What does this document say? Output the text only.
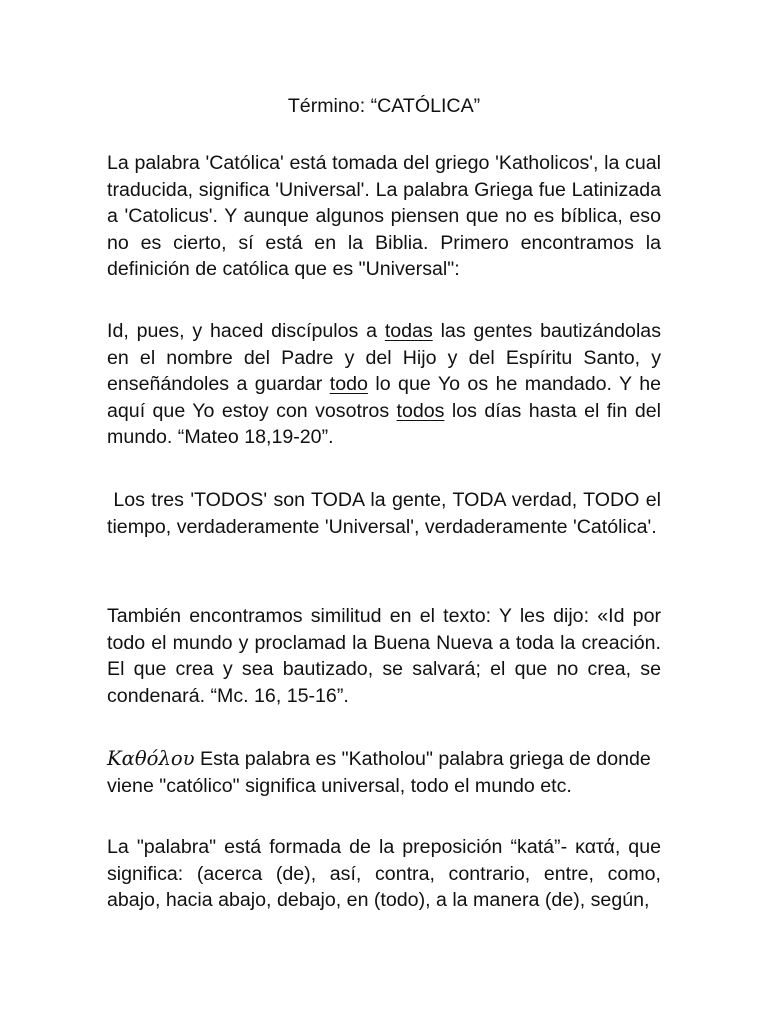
Término: “CATÓLICA”

La palabra 'Católica' está tomada del griego 'Katholicos', la cual traducida, significa 'Universal'. La palabra Griega fue Latinizada a 'Catolicus'. Y aunque algunos piensen que no es bíblica, eso no es cierto, sí está en la Biblia. Primero encontramos la definición de católica que es "Universal":

Id, pues, y haced discípulos a todas las gentes bautizándolas en el nombre del Padre y del Hijo y del Espíritu Santo, y enseñándoles a guardar todo lo que Yo os he mandado. Y he aquí que Yo estoy con vosotros todos los días hasta el fin del mundo. “Mateo 18,19-20”.

Los tres 'TODOS' son TODA la gente, TODA verdad, TODO el tiempo, verdaderamente 'Universal', verdaderamente 'Católica'.

También encontramos similitud en el texto: Y les dijo: «Id por todo el mundo y proclamad la Buena Nueva a toda la creación. El que crea y sea bautizado, se salvará; el que no crea, se condenará. “Mc. 16, 15-16”.

Καθόλου Esta palabra es "Katholou" palabra griega de donde viene "católico" significa universal, todo el mundo etc.

La "palabra" está formada de la preposición “katá”- κατά, que significa: (acerca (de), así, contra, contrario, entre, como, abajo, hacia abajo, debajo, en (todo), a la manera (de), según,
